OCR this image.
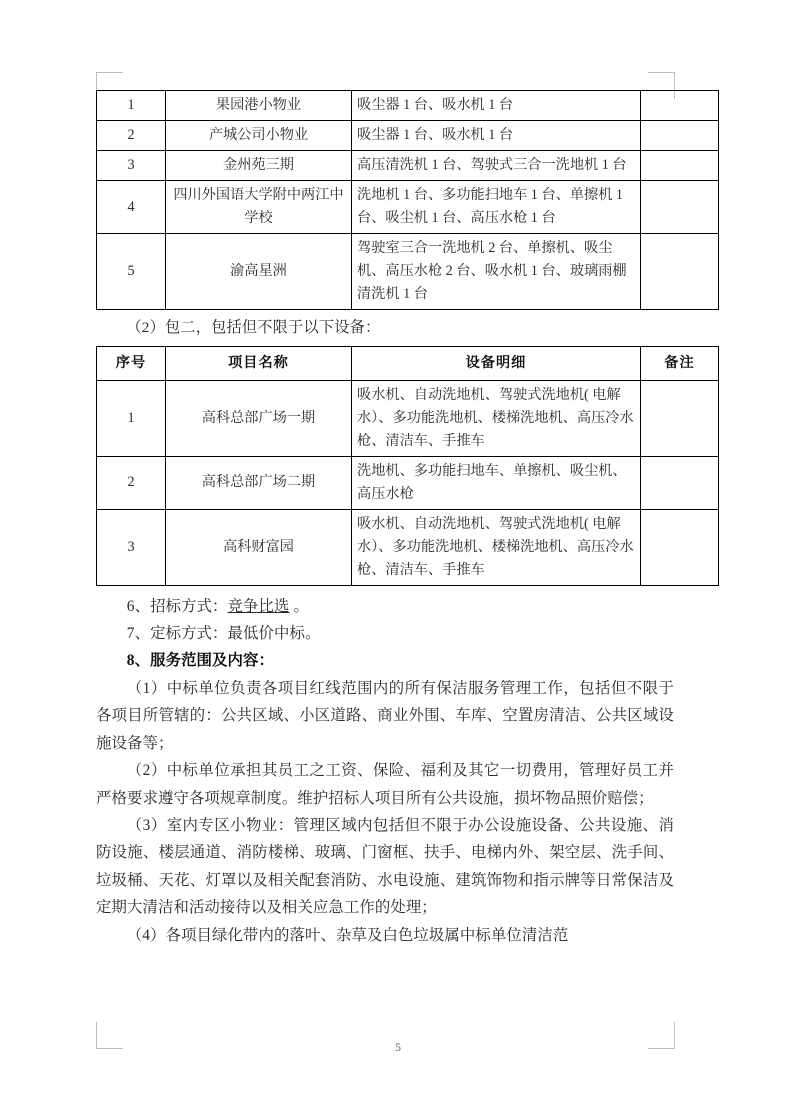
1	果园港小物业	吸尘器 1 台、吸水机 1 台	
2	产城公司小物业	吸尘器 1 台、吸水机 1 台	
3	金州苑三期	高压清洗机 1 台、驾驶式三合一洗地机 1 台	
4	四川外国语大学附中两江中学校	洗地机 1 台、多功能扫地车 1 台、单擦机 1 台、吸尘机 1 台、高压水枪 1 台	
5	渝高星洲	驾驶室三合一洗地机 2 台、单擦机、吸尘机、高压水枪 2 台、吸水机 1 台、玻璃雨棚清洗机 1 台	
（2）包二，包括但不限于以下设备：
序号	项目名称	设备明细	备注
1	高科总部广场一期	吸水机、自动洗地机、驾驶式洗地机( 电解水）、多功能洗地机、楼梯洗地机、高压冷水枪、清洁车、手推车	
2	高科总部广场二期	洗地机、多功能扫地车、单擦机、吸尘机、高压水枪	
3	高科财富园	吸水机、自动洗地机、驾驶式洗地机( 电解水）、多功能洗地机、楼梯洗地机、高压冷水枪、清洁车、手推车	

6、招标方式：竞争比选 。

7、定标方式：最低价中标。

8、服务范围及内容：

（1）中标单位负责各项目红线范围内的所有保洁服务管理工作，包括但不限于各项目所管辖的：公共区域、小区道路、商业外围、车库、空置房清洁、公共区域设施设备等；

（2）中标单位承担其员工之工资、保险、福利及其它一切费用，管理好员工并严格要求遵守各项规章制度。维护招标人项目所有公共设施，损坏物品照价赔偿；

（3）室内专区小物业：管理区域内包括但不限于办公设施设备、公共设施、消防设施、楼层通道、消防楼梯、玻璃、门窗框、扶手、电梯内外、架空层、洗手间、垃圾桶、天花、灯罩以及相关配套消防、水电设施、建筑饰物和指示牌等日常保洁及定期大清洁和活动接待以及相关应急工作的处理；

（4）各项目绿化带内的落叶、杂草及白色垃圾属中标单位清洁范

5
